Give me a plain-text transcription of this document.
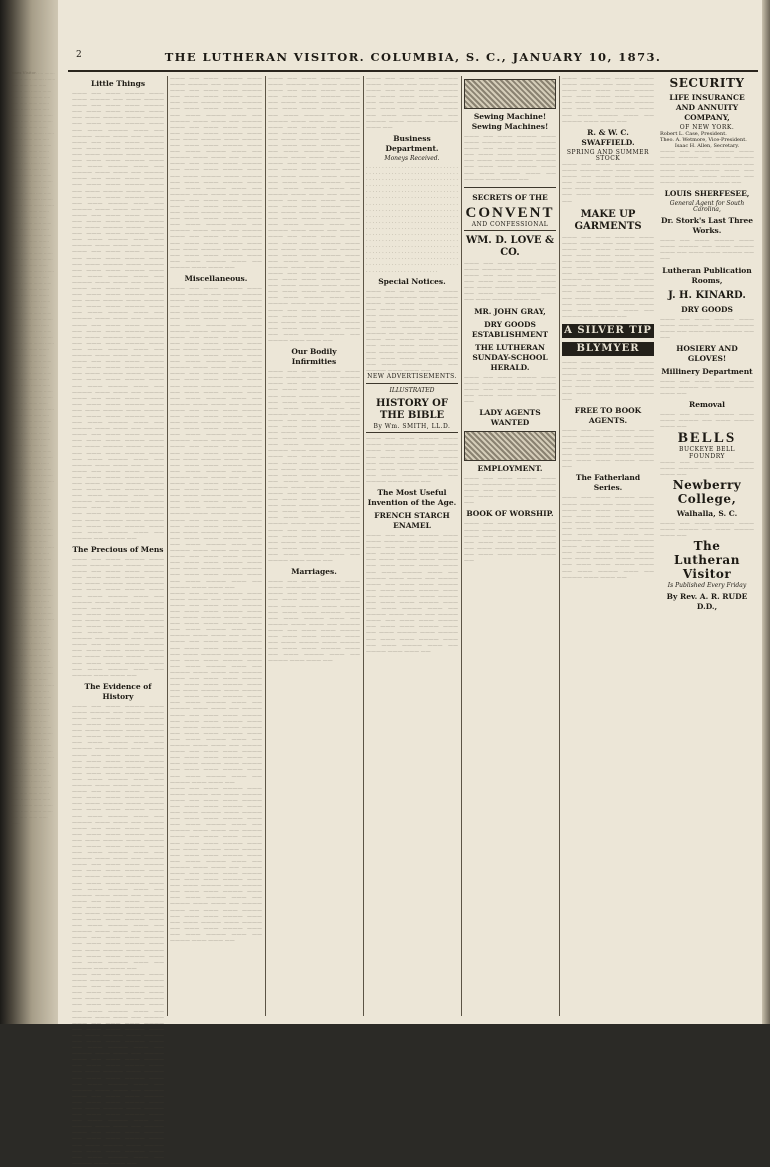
ones Visitor. .... ........ ........ ...... ......... ........ ..... ....... ...... ...... ........ ..... ........ ....... ...... ....... ......... ..... ..... ...... ....... ........ ...... ....... ........ ..... ....... ........ ....... ....... ...... ...... ......... ........ ..... ...... ....... ....... ...... ......... ........ ....... ........ ....... ...... ..... ....... ........ ....... ...... ..... ...... ....... ........ ...... ....... ..... ........ ....... ...... ....... ....... ........ ...... ..... ...... ....... ........ ...... ....... ........ ...... ....... ........ ....... ....... ...... ...... ......... ........ ..... ...... ....... ....... ...... ......... ........ ....... ........ ....... ...... ..... ....... ........ ....... ...... ..... ...... ....... ........ ...... ....... ..... ........ ....... ...... ....... ....... ........ ...... ..... ...... ....... ........ ...... ....... ........ ...... ....... ........ ....... ....... ...... ...... ......... ........ ..... ...... ....... ....... ...... ......... ........ ....... ........ ....... ...... ..... ....... ........ ....... ...... ..... ...... ....... ........ ...... ....... ..... ........ ....... ...... ....... ....... ........ ...... ..... ...... ....... ........ ...... ....... ........ ...... ....... ........ ....... ....... ...... ...... ......... ........ ..... ...... ....... ....... ...... ......... ........ ....... ........ ....... ...... ..... ....... ........ ....... ...... ..... ...... ....... ........ ...... ....... ..... ........ ....... ...... ....... ....... ........ ...... ..... ...... ....... ........ ...... ....... ........ ...... ....... ........ ....... ....... ...... ...... ......... ........ ..... ...... ....... ....... ...... ......... ........ ....... ........ ....... ...... ..... ....... ........ ....... ...... ..... ...... ....... ........ ...... ....... ..... ........ ....... ...... ....... ....... ........ ...... ..... ...... ....... ........ ...... ....... ........ ...... ....... ........ ....... ....... ...... ...... ......... ........ ..... ...... ....... ....... ...... ......... ........ ....... ........ ....... ...... ..... ....... ........ ....... ...... ..... ...... ....... ........ ...... ....... ..... ........ ....... ...... ....... ....... ........ ...... ..... ...... ....... ........ ...... ....... ........ ...... ....... ........ ....... ....... ...... ...... ......... ........ ..... ...... ....... ....... ...... ......... ........ ....... ........ ....... ...... ..... ....... ........ ....... ...... ..... ...... ....... ........ ...... ....... ..... ........ ....... ...... ....... ....... ........ ...... ..... ...... ....... ........ ...... ....... ........ ...... ....... ........ ....... ....... ...... ...... ......... ........ ..... ...... ....... ....... ...... ......... ........ ....... ........ ....... ...... ..... ....... ........ ....... ...... ..... ...... ....... ........ ...... ....... ..... ........ ....... ...... ....... ....... ........ ...... ..... ...... ....... ........ ...... ....... ........ ...... ....... ........ ....... ....... ...... ...... ......... ........ ..... ...... ....... ....... ...... ......... ........ ....... ........ ....... ...... ..... ....... ........ ....... ...... ..... ...... ....... ........ ...... ....... ..... ........ ....... ...... ....... ....... ........ ...... ..... ...... ....... ........ ...... ....... ........ ...... ....... ........ ....... ....... ...... ...... ......... ........ ..... ...... ....... ....... ...... ......... ........ ....... ........ ....... ...... ..... ....... ........ ....... ...... ..... ...... ....... ........ ...... ....... ..... ........ ....... ...... ....... ....... ........ ...... ..... ...... ....... ........ ...... ....... ........ ...... ....... ........ ....... ....... ...... ...... ......... ........ ..... ...... ....... ....... ......
2	THE LUTHERAN VISITOR. COLUMBIA, S. C., JANUARY 10, 1873.
Little Things
——— —— ——— ———— ——— ——— ———— —— ——— ———— ——— —— ——— ——— ———— —— ——— ——— ———— ——— —— ——— ———— ——— ———— —— ——— ——— ———— ——— —— ——— ———— ——— —— ———— ——— ——— —— ———— ——— —— ——— ——— ———— —— ——— ——— ———— ——— —— ——— ———— ——— ———— —— ——— ——— ———— ——— —— ——— ———— ——— —— ———— ——— ——— —— ———— ——— —— ——— ——— ———— —— ——— ——— ———— ——— —— ——— ———— ——— ———— —— ——— ——— ———— ——— —— ——— ———— ——— —— ———— ——— ——— —— ———— ——— —— ——— ——— ———— —— ——— ——— ———— ——— —— ——— ———— ——— ———— —— ——— ——— ———— ——— —— ——— ———— ——— —— ———— ——— ——— —— ———— ——— —— ——— ——— ———— —— ——— ——— ———— ——— —— ——— ———— ——— ———— —— ——— ——— ———— ——— —— ——— ———— ——— —— ———— ——— ——— —— ———— ——— —— ——— ——— ———— —— ——— ——— ———— ——— —— ——— ———— ——— ———— —— ——— ——— ———— ——— —— ——— ———— ——— —— ———— ——— ——— —— ———— ——— —— ——— ——— ———— —— ——— ——— ———— ——— —— ——— ———— ——— ———— —— ——— ——— ———— ——— —— ——— ———— ——— —— ———— ——— ——— —— ———— ——— —— ——— ——— ———— —— ——— ——— ———— ——— —— ——— ———— ——— ———— —— ——— ——— ———— ——— —— ——— ———— ——— —— ———— ——— ——— —— ———— ——— —— ——— ——— ———— —— ——— ——— ———— ——— —— ——— ———— ——— ———— —— ——— ——— ———— ——— —— ——— ———— ——— —— ———— ——— ——— —— ———— ——— —— ——— ——— ———— —— ——— ——— ———— ——— —— ——— ———— ——— ———— —— ——— ——— ———— ——— —— ——— ———— ——— —— ———— ——— ——— —— ———— ——— —— ——— ——— ———— —— ——— ——— ———— ——— —— ——— ———— ——— ———— —— ——— ——— ———— ——— —— ——— ———— ——— —— ———— ——— ——— —— ———— ——— —— ——— ——— ———— —— ——— ——— ———— ——— —— ——— ———— ——— ———— —— ——— ——— ———— ——— —— ——— ———— ——— —— ———— ——— ——— ——
The Precious of Mens
——— —— ——— ———— ——— ——— ———— —— ——— ———— ——— —— ——— ——— ———— —— ——— ——— ———— ——— —— ——— ———— ——— ———— —— ——— ——— ———— ——— —— ——— ———— ——— —— ———— ——— ——— —— ———— ——— —— ——— ——— ———— —— ——— ——— ———— ——— —— ——— ———— ——— ———— —— ——— ——— ———— ——— —— ——— ———— ——— —— ———— ——— ——— —— ———— ——— —— ——— ——— ———— —— ——— ——— ———— ——— —— ——— ———— ——— ———— —— ——— ——— ———— ——— —— ——— ———— ——— —— ———— ——— ——— ——
The Evidence of History
——— —— ——— ———— ——— ——— ———— —— ——— ———— ——— —— ——— ——— ———— —— ——— ——— ———— ——— —— ——— ———— ——— ———— —— ——— ——— ———— ——— —— ——— ———— ——— —— ———— ——— ——— —— ———— ——— —— ——— ——— ———— —— ——— ——— ———— ——— —— ——— ———— ——— ———— —— ——— ——— ———— ——— —— ——— ———— ——— —— ———— ——— ——— —— ———— ——— —— ——— ——— ———— —— ——— ——— ———— ——— —— ——— ———— ——— ———— —— ——— ——— ———— ——— —— ——— ———— ——— —— ———— ——— ——— —— ———— ——— —— ——— ——— ———— —— ——— ——— ———— ——— —— ——— ———— ——— ———— —— ——— ——— ———— ——— —— ——— ———— ——— —— ———— ——— ——— —— ———— ——— —— ——— ——— ———— —— ——— ——— ———— ——— —— ——— ———— ——— ———— —— ——— ——— ———— ——— —— ——— ———— ——— —— ———— ——— ——— —— ———— ——— —— ——— ——— ———— —— ——— ——— ———— ——— —— ——— ———— ——— ———— —— ——— ——— ———— ——— —— ——— ———— ——— —— ———— ——— ——— —— ———— ——— —— ——— ——— ———— —— ——— ——— ———— ——— —— ——— ———— ——— ———— —— ——— ——— ———— ——— —— ——— ———— ——— —— ———— ——— ——— ——
——— —— ——— ———— ——— ——— ———— —— ——— ———— ——— —— ——— ——— ———— —— ——— ——— ———— ——— —— ——— ———— ——— ———— —— ——— ——— ———— ——— —— ——— ———— ——— —— ———— ——— ——— —— ———— ——— —— ——— ——— ———— —— ——— ——— ———— ——— —— ——— ———— ——— ———— —— ——— ——— ———— ——— —— ——— ———— ——— —— ———— ——— ——— —— ———— ——— —— ——— ——— ———— —— ——— ——— ———— ——— —— ——— ———— ——— ———— —— ——— ——— ———— ——— —— ——— ———— ——— —— ———— ——— ——— —— ———— ——— —— ——— ——— ———— —— ——— ——— ———— ——— —— ——— ———— ——— ———— —— ——— ——— ———— ——— —— ——— ———— ——— —— ———— ——— ——— —— ———— ——— —— ——— ——— ———— —— ——— ——— ———— ——— —— ——— ———— ——— ———— —— ——— ——— ———— ——— —— ——— ———— ——— —— ———— ——— ——— ——
——— —— ——— ———— ——— ——— ———— —— ——— ———— ——— —— ——— ——— ———— —— ——— ——— ———— ——— —— ——— ———— ——— ———— —— ——— ——— ———— ——— —— ——— ———— ——— —— ———— ——— ——— —— ———— ——— —— ——— ——— ———— —— ——— ——— ———— ——— —— ——— ———— ——— ———— —— ——— ——— ———— ——— —— ——— ———— ——— —— ———— ——— ——— —— ———— ——— —— ——— ——— ———— —— ——— ——— ———— ——— —— ——— ———— ——— ———— —— ——— ——— ———— ——— —— ——— ———— ——— —— ———— ——— ——— —— ———— ——— —— ——— ——— ———— —— ——— ——— ———— ——— —— ——— ———— ——— ———— —— ——— ——— ———— ——— —— ——— ———— ——— —— ———— ——— ——— —— ———— ——— —— ——— ——— ———— —— ——— ——— ———— ——— —— ——— ———— ——— ———— —— ——— ——— ———— ——— —— ——— ———— ——— —— ———— ——— ——— ——
Miscellaneous.
——— —— ——— ———— ——— ——— ———— —— ——— ———— ——— —— ——— ——— ———— —— ——— ——— ———— ——— —— ——— ———— ——— ———— —— ——— ——— ———— ——— —— ——— ———— ——— —— ———— ——— ——— —— ———— ——— —— ——— ——— ———— —— ——— ——— ———— ——— —— ——— ———— ——— ———— —— ——— ——— ———— ——— —— ——— ———— ——— —— ———— ——— ——— —— ———— ——— —— ——— ——— ———— —— ——— ——— ———— ——— —— ——— ———— ——— ———— —— ——— ——— ———— ——— —— ——— ———— ——— —— ———— ——— ——— —— ———— ——— —— ——— ——— ———— —— ——— ——— ———— ——— —— ——— ———— ——— ———— —— ——— ——— ———— ——— —— ——— ———— ——— —— ———— ——— ——— —— ———— ——— —— ——— ——— ———— —— ——— ——— ———— ——— —— ——— ———— ——— ———— —— ——— ——— ———— ——— —— ——— ———— ——— —— ———— ——— ——— —— ———— ——— —— ——— ——— ———— —— ——— ——— ———— ——— —— ——— ———— ——— ———— —— ——— ——— ———— ——— —— ——— ———— ——— —— ———— ——— ——— —— ———— ——— —— ——— ——— ———— —— ——— ——— ———— ——— —— ——— ———— ——— ———— —— ——— ——— ———— ——— —— ——— ———— ——— —— ———— ——— ——— —— ———— ——— —— ——— ——— ———— —— ——— ——— ———— ——— —— ——— ———— ——— ———— —— ——— ——— ———— ——— —— ——— ———— ——— —— ———— ——— ——— ——
——— —— ——— ———— ——— ——— ———— —— ——— ———— ——— —— ——— ——— ———— —— ——— ——— ———— ——— —— ——— ———— ——— ———— —— ——— ——— ———— ——— —— ——— ———— ——— —— ———— ——— ——— —— ———— ——— —— ——— ——— ———— —— ——— ——— ———— ——— —— ——— ———— ——— ———— —— ——— ——— ———— ——— —— ——— ———— ——— —— ———— ——— ——— —— ———— ——— —— ——— ——— ———— —— ——— ——— ———— ——— —— ——— ———— ——— ———— —— ——— ——— ———— ——— —— ——— ———— ——— —— ———— ——— ——— —— ———— ——— —— ——— ——— ———— —— ——— ——— ———— ——— —— ——— ———— ——— ———— —— ——— ——— ———— ——— —— ——— ———— ——— —— ———— ——— ——— —— ———— ——— —— ——— ——— ———— —— ——— ——— ———— ——— —— ——— ———— ——— ———— —— ——— ——— ———— ——— —— ——— ———— ——— —— ———— ——— ——— ——
——— —— ——— ———— ——— ——— ———— —— ——— ———— ——— —— ——— ——— ———— —— ——— ——— ———— ——— —— ——— ———— ——— ———— —— ——— ——— ———— ——— —— ——— ———— ——— —— ———— ——— ——— —— ———— ——— —— ——— ——— ———— —— ——— ——— ———— ——— —— ——— ———— ——— ———— —— ——— ——— ———— ——— —— ——— ———— ——— —— ———— ——— ——— —— ———— ——— —— ——— ——— ———— —— ——— ——— ———— ——— —— ——— ———— ——— ———— —— ——— ——— ———— ——— —— ——— ———— ——— —— ———— ——— ——— —— ———— ——— —— ——— ——— ———— —— ——— ——— ———— ——— —— ——— ———— ——— ———— —— ——— ——— ———— ——— —— ——— ———— ——— —— ———— ——— ——— ——
——— —— ——— ———— ——— ——— ———— —— ——— ———— ——— —— ——— ——— ———— —— ——— ——— ———— ——— —— ——— ———— ——— ———— —— ——— ——— ———— ——— —— ——— ———— ——— —— ———— ——— ——— —— ———— ——— —— ——— ——— ———— —— ——— ——— ———— ——— —— ——— ———— ——— ———— —— ——— ——— ———— ——— —— ——— ———— ——— —— ———— ——— ——— —— ———— ——— —— ——— ——— ———— —— ——— ——— ———— ——— —— ——— ———— ——— ———— —— ——— ——— ———— ——— —— ——— ———— ——— —— ———— ——— ——— —— ———— ——— —— ——— ——— ———— —— ——— ——— ———— ——— —— ——— ———— ——— ———— —— ——— ——— ———— ——— —— ——— ———— ——— —— ———— ——— ——— —— ———— ——— —— ——— ——— ———— —— ——— ——— ———— ——— —— ——— ———— ——— ———— —— ——— ——— ———— ——— —— ——— ———— ——— —— ———— ——— ——— —— ———— ——— —— ——— ——— ———— —— ——— ——— ———— ——— —— ——— ———— ——— ———— —— ——— ——— ———— ——— —— ——— ———— ——— —— ———— ——— ——— —— ———— ——— —— ——— ——— ———— —— ——— ——— ———— ——— —— ——— ———— ——— ———— —— ——— ——— ———— ——— —— ——— ———— ——— —— ———— ——— ——— ——
Our Bodily Infirmities
——— —— ——— ———— ——— ——— ———— —— ——— ———— ——— —— ——— ——— ———— —— ——— ——— ———— ——— —— ——— ———— ——— ———— —— ——— ——— ———— ——— —— ——— ———— ——— —— ———— ——— ——— —— ———— ——— —— ——— ——— ———— —— ——— ——— ———— ——— —— ——— ———— ——— ———— —— ——— ——— ———— ——— —— ——— ———— ——— —— ———— ——— ——— —— ———— ——— —— ——— ——— ———— —— ——— ——— ———— ——— —— ——— ———— ——— ———— —— ——— ——— ———— ——— —— ——— ———— ——— —— ———— ——— ——— —— ———— ——— —— ——— ——— ———— —— ——— ——— ———— ——— —— ——— ———— ——— ———— —— ——— ——— ———— ——— —— ——— ———— ——— —— ———— ——— ——— —— ———— ——— —— ——— ——— ———— —— ——— ——— ———— ——— —— ——— ———— ——— ———— —— ——— ——— ———— ——— —— ——— ———— ——— —— ———— ——— ——— ——
Marriages.
——— —— ——— ———— ——— ——— ———— —— ——— ———— ——— —— ——— ——— ———— —— ——— ——— ———— ——— —— ——— ———— ——— ———— —— ——— ——— ———— ——— —— ——— ———— ——— —— ———— ——— ——— —— ———— ——— —— ——— ——— ———— —— ——— ——— ———— ——— —— ——— ———— ——— ———— —— ——— ——— ———— ——— —— ——— ———— ——— —— ———— ——— ——— ——
——— —— ——— ———— ——— ——— ———— —— ——— ———— ——— —— ——— ——— ———— —— ——— ——— ———— ——— —— ——— ———— ——— ———— —— ——— ——— ———— ——— —— ——— ———— ——— —— ———— ——— ——— —— ———— ——— ——
Business Department.
Moneys Received.
. . . . . . . . . . . . . . . . . . . . . . . . . . . . . . . . . . . . . . . . . . . . . . . . . . . . . . . . . . . . . . . . . . . . . . . . . . . . . . . . . . . . . . . . . . . . . . . . . . . . . . . . . . . . . . . . . . . . . . . . . . . . . . . . . . . . . . . . . . . . . . . . . . . . . . . . . . . . . . . . . . . . . . . . . . . . . . . . . . . . . . . . . . . . . . . . . . . . . . . . . . . . . . . . . . . . . . . . . . . . . . . . . . . . . . . . . . . . . . . . . . . . . . . . . . . . . . . . . . . . . . . . . . . . . . . . . . . . . . . . . . . . . . . . . . . . . . . . . . . . . . . . . . . . . . . . . . . . . . . . . . . . . . . . . . . . . . . . . . . . . . . . . . . . . . . . . . . . . . . . . . . . . . . . . . . . . . . . . . . . . . . . . . . . . . . . . . . . . . . . . . . . . . . . . . . . . . . . . . . . . . . . . . . . . . . . . . . . . . . . . . . . . . . . . . . . . . . . . . . . . . . . . . . . . . . . . . . . . . . . . . . . . . . . . . . . . . . . . . . . . . . . . . . . . . . . . . . .
Special Notices.
——— —— ——— ———— ——— ——— ———— —— ——— ———— ——— —— ——— ——— ———— —— ——— ——— ———— ——— —— ——— ———— ——— ———— —— ——— ——— ———— ——— —— ——— ———— ——— —— ———— ——— ——— —— ———— ——— —— ——— ——— ———— —— ——— ——— ———— ——— —— ——— ———— ——— ———— —— ——— ——— ———— ——— —— ——— ———— ——— —— ———— ——— ——— ——
NEW ADVERTISEMENTS.
ILLUSTRATED
HISTORY OF THE BIBLE
By Wm. SMITH, LL.D.
——— —— ——— ———— ——— ——— ———— —— ——— ———— ——— —— ——— ——— ———— —— ——— ——— ———— ——— —— ——— ———— ——— ———— —— ——— ——— ———— ——— —— ——— ———— ——— —— ———— ——— ——— ——
The Most Useful Invention of the Age.
FRENCH STARCH ENAMEL
——— —— ——— ———— ——— ——— ———— —— ——— ———— ——— —— ——— ——— ———— —— ——— ——— ———— ——— —— ——— ———— ——— ———— —— ——— ——— ———— ——— —— ——— ———— ——— —— ———— ——— ——— —— ———— ——— —— ——— ——— ———— —— ——— ——— ———— ——— —— ——— ———— ——— ———— —— ——— ——— ———— ——— —— ——— ———— ——— —— ———— ——— ——— —— ———— ——— —— ——— ——— ———— —— ——— ——— ———— ——— —— ——— ———— ——— ———— —— ——— ——— ———— ——— —— ——— ———— ——— —— ———— ——— ——— ——
Sewing Machine! Sewing Machines!
——— —— ——— ———— ——— ——— ———— —— ——— ———— ——— —— ——— ——— ———— —— ——— ——— ———— ——— —— ——— ———— ——— ———— —— ——— ——— ———— ——— —— ——— ———— ——— —— ———— ——— ——— ——
SECRETS OF THE
CONVENT
AND CONFESSIONAL
WM. D. LOVE & CO.
——— —— ——— ———— ——— ——— ———— —— ——— ———— ——— —— ——— ——— ———— —— ——— ——— ———— ——— —— ——— ———— ——— ———— —— ——— ——— ———— ——— —— ——— ———— ——— ——
MR. JOHN GRAY,
DRY GOODS ESTABLISHMENT
THE LUTHERAN SUNDAY-SCHOOL HERALD.
——— —— ——— ———— ——— ——— ———— —— ——— ———— ——— —— ——— ——— ———— —— ——— ——— ———— ——— ——
LADY AGENTS WANTED
EMPLOYMENT.
——— —— ——— ———— ——— ——— ———— —— ——— ———— ——— —— ——— ——— ———— —— ——— ——— ———— ——— ——
BOOK OF WORSHIP.
——— —— ——— ———— ——— ——— ———— —— ——— ———— ——— —— ——— ——— ———— —— ——— ——— ———— ——— —— ——— ———— ——— ———— —— ——— ——— ———— ——— ——
——— —— ——— ———— ——— ——— ———— —— ——— ———— ——— —— ——— ——— ———— —— ——— ——— ———— ——— —— ——— ———— ——— ———— —— ——— ——— ———— ——— —— ——— ———— ——— —— ———— ——— ——— ——
R. & W. C. SWAFFIELD.
SPRING AND SUMMER STOCK
——— —— ——— ———— ——— ——— ———— —— ——— ———— ——— —— ——— ——— ———— —— ——— ——— ———— ——— —— ——— ———— ——— ———— —— ——— ——— ———— ——— ——
MAKE UP GARMENTS
——— —— ——— ———— ——— ——— ———— —— ——— ———— ——— —— ——— ——— ———— —— ——— ——— ———— ——— —— ——— ———— ——— ———— —— ——— ——— ———— ——— —— ——— ———— ——— —— ———— ——— ——— —— ———— ——— —— ——— ——— ———— —— ——— ——— ———— ——— —— ——— ———— ——— ———— —— ——— ——— ———— ——— —— ——— ———— ——— —— ———— ——— ——— ——
A SILVER TIP
BLYMYER
——— —— ——— ———— ——— ——— ———— —— ——— ———— ——— —— ——— ——— ———— —— ——— ——— ———— ——— —— ——— ———— ——— ———— —— ——— ——— ———— ——— ——
FREE TO BOOK AGENTS.
——— —— ——— ———— ——— ——— ———— —— ——— ———— ——— —— ——— ——— ———— —— ——— ——— ———— ——— —— ——— ———— ——— ———— —— ——— ——— ———— ——— ——
The Fatherland Series.
——— —— ——— ———— ——— ——— ———— —— ——— ———— ——— —— ——— ——— ———— —— ——— ——— ———— ——— —— ——— ———— ——— ———— —— ——— ——— ———— ——— —— ——— ———— ——— —— ———— ——— ——— —— ———— ——— —— ——— ——— ———— —— ——— ——— ———— ——— —— ——— ———— ——— ———— —— ——— ——— ———— ——— —— ——— ———— ——— —— ———— ——— ——— ——
SECURITY
LIFE INSURANCE AND ANNUITY COMPANY,
OF NEW YORK.
Robert L. Case, President.
Theo. A. Wetmore, Vice-President.
Isaac H. Allen, Secretary.
——— —— ——— ———— ——— ——— ———— —— ——— ———— ——— —— ——— ——— ———— —— ——— ——— ———— ——— —— ——— ———— ——— ———— —— ——— ——— ———— ——— ——
LOUIS SHERFESEE,
General Agent for South Carolina,
Dr. Stork's Last Three Works.
——— —— ——— ———— ——— ——— ———— —— ——— ———— ——— —— ——— ——— ———— —— ——
Lutheran Publication Rooms,
J. H. KINARD.
DRY GOODS
——— —— ——— ———— ——— ——— ———— —— ——— ———— ——— —— ——— ——— ———— —— ——
HOSIERY AND GLOVES!
Millinery Department
——— —— ——— ———— ——— ——— ———— —— ——— ———— ——— ——
Removal
——— —— ——— ———— ——— ——— ———— —— ——— ———— ——— ——
BELLS
BUCKEYE BELL FOUNDRY
——— —— ——— ———— ——— ——— ———— —— ——— ———— ——— ——
Newberry College,
Walhalla, S. C.
——— —— ——— ———— ——— ——— ———— —— ——— ———— ——— ——
The Lutheran Visitor
Is Published Every Friday
By Rev. A. R. RUDE D.D.,
